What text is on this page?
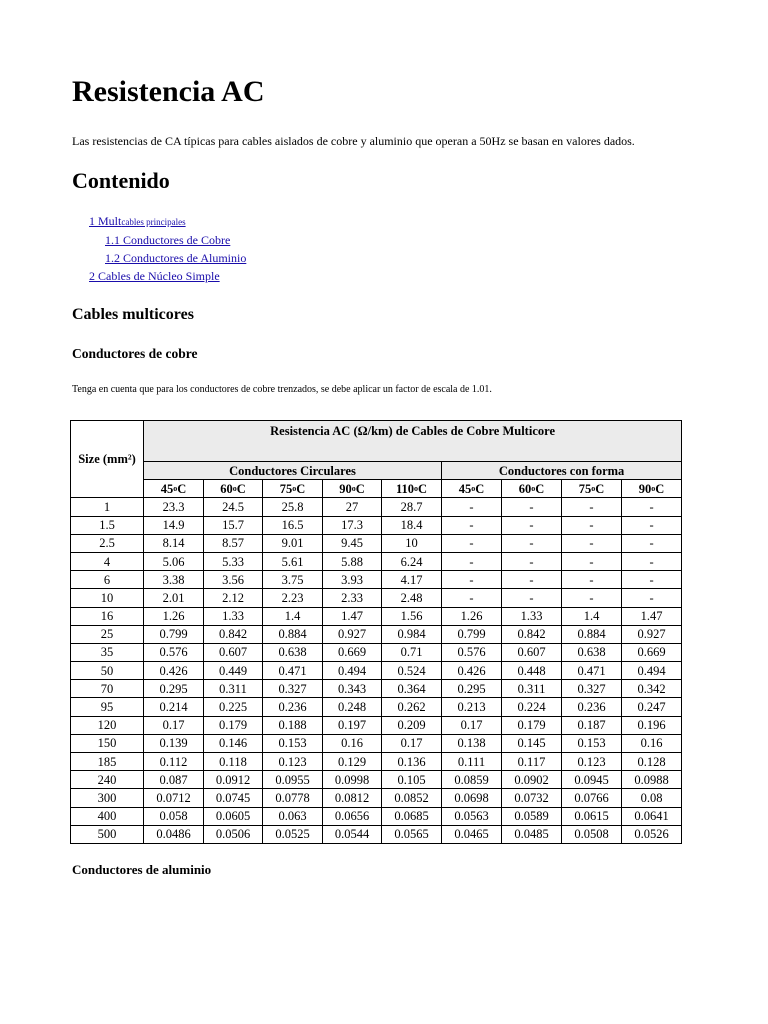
Resistencia AC

Las resistencias de CA típicas para cables aislados de cobre y aluminio que operan a 50Hz se basan en valores dados.

Contenido
1 Multcables principales
1.1 Conductores de Cobre
1.2 Conductores de Aluminio
2 Cables de Núcleo Simple
Cables multicores
Conductores de cobre

Tenga en cuenta que para los conductores de cobre trenzados, se debe aplicar un factor de escala de 1.01.

Size (mm²)	Resistencia AC (Ω/km) de Cables de Cobre Multicore								
	Conductores Circulares					Conductores con forma			
	45$^o$C	60$^o$C	75$^o$C	90$^o$C	110$^o$C	45$^o$C	60$^o$C	75$^o$C	90$^o$C
1	23.3	24.5	25.8	27	28.7	-	-	-	-
1.5	14.9	15.7	16.5	17.3	18.4	-	-	-	-
2.5	8.14	8.57	9.01	9.45	10	-	-	-	-
4	5.06	5.33	5.61	5.88	6.24	-	-	-	-
6	3.38	3.56	3.75	3.93	4.17	-	-	-	-
10	2.01	2.12	2.23	2.33	2.48	-	-	-	-
16	1.26	1.33	1.4	1.47	1.56	1.26	1.33	1.4	1.47
25	0.799	0.842	0.884	0.927	0.984	0.799	0.842	0.884	0.927
35	0.576	0.607	0.638	0.669	0.71	0.576	0.607	0.638	0.669
50	0.426	0.449	0.471	0.494	0.524	0.426	0.448	0.471	0.494
70	0.295	0.311	0.327	0.343	0.364	0.295	0.311	0.327	0.342
95	0.214	0.225	0.236	0.248	0.262	0.213	0.224	0.236	0.247
120	0.17	0.179	0.188	0.197	0.209	0.17	0.179	0.187	0.196
150	0.139	0.146	0.153	0.16	0.17	0.138	0.145	0.153	0.16
185	0.112	0.118	0.123	0.129	0.136	0.111	0.117	0.123	0.128
240	0.087	0.0912	0.0955	0.0998	0.105	0.0859	0.0902	0.0945	0.0988
300	0.0712	0.0745	0.0778	0.0812	0.0852	0.0698	0.0732	0.0766	0.08
400	0.058	0.0605	0.063	0.0656	0.0685	0.0563	0.0589	0.0615	0.0641
500	0.0486	0.0506	0.0525	0.0544	0.0565	0.0465	0.0485	0.0508	0.0526
Conductores de aluminio
